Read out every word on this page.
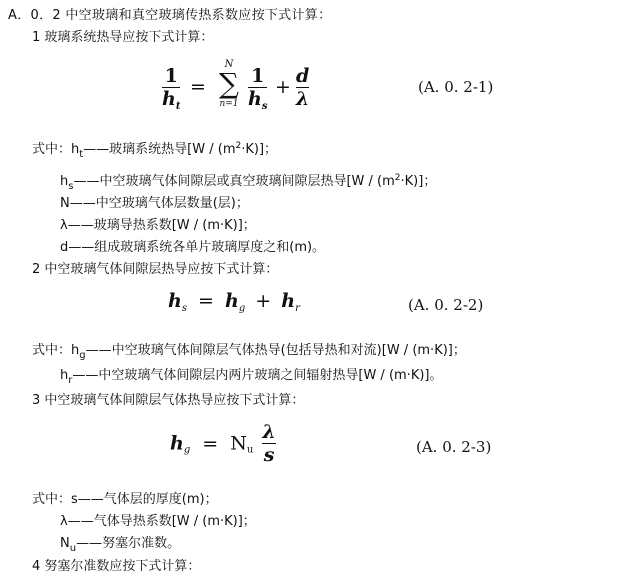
A．0．2 中空玻璃和真空玻璃传热系数应按下式计算：
1 玻璃系统热导应按下式计算：
1
$h_t$
=
N
∑
n=1
1
$h_s$
+ d
λ
(A. 0. 2-1)
式中：$h_t——$玻璃系统热导$[W / (m^2\cdot K)]$；
$h_s——$中空玻璃气体间隙层或真空玻璃间隙层热导$[W / (m^2\cdot K)]$；
N——中空玻璃气体层数量(层)；
λ——玻璃导热系数[W / (m·K)]；
d——组成玻璃系统各单片玻璃厚度之和(m)。
2 中空玻璃气体间隙层热导应按下式计算：
$h_s = h_g + h_r$	(A. 0. 2-2)
式中：$h_g——$中空玻璃气体间隙层气体热导(包括导热和对流)[W / (m·K)]；
$h_r——$中空玻璃气体间隙层内两片玻璃之间辐射热导[W / (m·K)]。
3 中空玻璃气体间隙层气体热导应按下式计算：
$h_g = N_u \frac{\lambda}{s}$	(A. 0. 2-3)
式中：s——气体层的厚度(m)；
λ——气体导热系数[W / (m·K)]；
$N_u——$努塞尔准数。
4 努塞尔准数应按下式计算：
